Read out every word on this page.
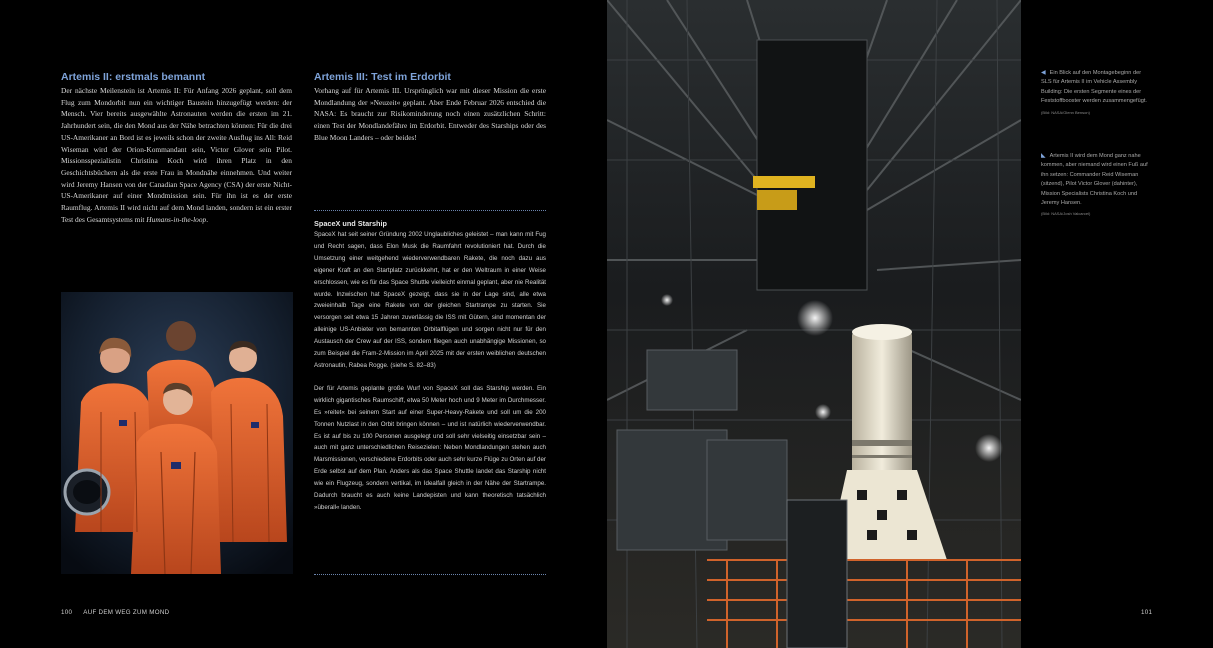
Artemis II: erstmals bemannt

Der nächste Meilenstein ist Artemis II: Für Anfang 2026 geplant, soll dem Flug zum Mondorbit nun ein wichtiger Baustein hinzugefügt werden: der Mensch. Vier bereits ausgewählte Astronauten werden die ersten im 21. Jahrhundert sein, die den Mond aus der Nähe betrachten können: Für die drei US-Amerikaner an Bord ist es jeweils schon der zweite Ausflug ins All: Reid Wiseman wird der Orion-Kommandant sein, Victor Glover sein Pilot. Missionsspezialistin Christina Koch wird ihren Platz in den Geschichtsbüchern als die erste Frau in Mondnähe einnehmen. Und weiter wird Jeremy Hansen von der Canadian Space Agency (CSA) der erste Nicht-US-Amerikaner auf einer Mondmission sein. Für ihn ist es der erste Raumflug. Artemis II wird nicht auf dem Mond landen, sondern ist ein erster Test des Gesamtsystems mit Humans-in-the-loop.

Artemis III: Test im Erdorbit

Vorhang auf für Artemis III. Ursprünglich war mit dieser Mission die erste Mondlandung der »Neuzeit« geplant. Aber Ende Februar 2026 entschied die NASA: Es braucht zur Risikominderung noch einen zusätzlichen Schritt: einen Test der Mondlandefähre im Erdorbit. Entweder des Starships oder des Blue Moon Landers – oder beides!

SpaceX und Starship

SpaceX hat seit seiner Gründung 2002 Unglaubliches geleistet – man kann mit Fug und Recht sagen, dass Elon Musk die Raumfahrt revolutioniert hat. Durch die Umsetzung einer weitgehend wiederverwendbaren Rakete, die noch dazu aus eigener Kraft an den Startplatz zurückkehrt, hat er den Weltraum in einer Weise erschlossen, wie es für das Space Shuttle vielleicht einmal geplant, aber nie Realität wurde. Inzwischen hat SpaceX gezeigt, dass sie in der Lage sind, alle etwa zweieinhalb Tage eine Rakete von der gleichen Startrampe zu starten. Sie versorgen seit etwa 15 Jahren zuverlässig die ISS mit Gütern, sind momentan der alleinige US-Anbieter von bemannten Orbitalflügen und sorgen nicht nur für den Austausch der Crew auf der ISS, sondern fliegen auch unabhängige Missionen, so zum Beispiel die Fram-2-Mission im April 2025 mit der ersten weiblichen deutschen Astronautin, Rabea Rogge. (siehe S. 82–83)

Der für Artemis geplante große Wurf von SpaceX soll das Starship werden. Ein wirklich gigantisches Raumschiff, etwa 50 Meter hoch und 9 Meter im Durchmesser. Es »reitet« bei seinem Start auf einer Super-Heavy-Rakete und soll um die 200 Tonnen Nutzlast in den Orbit bringen können – und ist natürlich wiederverwendbar. Es ist auf bis zu 100 Personen ausgelegt und soll sehr vielseitig einsetzbar sein – auch mit ganz unterschiedlichen Reisezielen: Neben Mondlandungen stehen auch Marsmissionen, verschiedene Erdorbits oder auch sehr kurze Flüge zu Orten auf der Erde selbst auf dem Plan. Anders als das Space Shuttle landet das Starship nicht wie ein Flugzeug, sondern vertikal, im Idealfall gleich in der Nähe der Startrampe. Dadurch braucht es auch keine Landepisten und kann theoretisch tatsächlich »überall« landen.

100 AUF DEM WEG ZUM MOND

◀ Ein Blick auf den Montagebeginn der SLS für Artemis II im Vehicle Assembly Building: Die ersten Segmente eines der Feststoffbooster werden zusammengefügt.

(Bild: NASA/Glenn Benson)

◣ Artemis II wird dem Mond ganz nahe kommen, aber niemand wird einen Fuß auf ihn setzen: Commander Reid Wiseman (sitzend), Pilot Victor Glover (dahinter), Mission Specialists Christina Koch und Jeremy Hansen.

(Bild: NASA/Josh Valcarcel)
101
